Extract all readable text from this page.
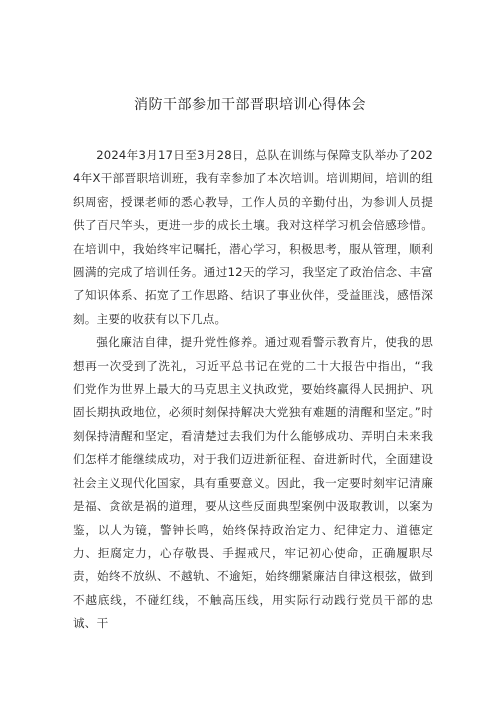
消防干部参加干部晋职培训心得体会

2024年3月17日至3月28日，总队在训练与保障支队举办了2024年X干部晋职培训班，我有幸参加了本次培训。培训期间，培训的组织周密，授课老师的悉心教导，工作人员的辛勤付出，为参训人员提供了百尺竿头，更进一步的成长土壤。我对这样学习机会倍感珍惜。在培训中，我始终牢记嘱托，潜心学习，积极思考，服从管理，顺利圆满的完成了培训任务。通过12天的学习，我坚定了政治信念、丰富了知识体系、拓宽了工作思路、结识了事业伙伴，受益匪浅，感悟深刻。主要的收获有以下几点。

强化廉洁自律，提升党性修养。通过观看警示教育片，使我的思想再一次受到了洗礼，习近平总书记在党的二十大报告中指出，“我们党作为世界上最大的马克思主义执政党，要始终赢得人民拥护、巩固长期执政地位，必须时刻保持解决大党独有难题的清醒和坚定。”时刻保持清醒和坚定，看清楚过去我们为什么能够成功、弄明白未来我们怎样才能继续成功，对于我们迈进新征程、奋进新时代，全面建设社会主义现代化国家，具有重要意义。因此，我一定要时刻牢记清廉是福、贪欲是祸的道理，要从这些反面典型案例中汲取教训，以案为鉴，以人为镜，警钟长鸣，始终保持政治定力、纪律定力、道德定力、拒腐定力，心存敬畏、手握戒尺，牢记初心使命，正确履职尽责，始终不放纵、不越轨、不逾矩，始终绷紧廉洁自律这根弦，做到不越底线，不碰红线，不触高压线，用实际行动践行党员干部的忠诚、干
